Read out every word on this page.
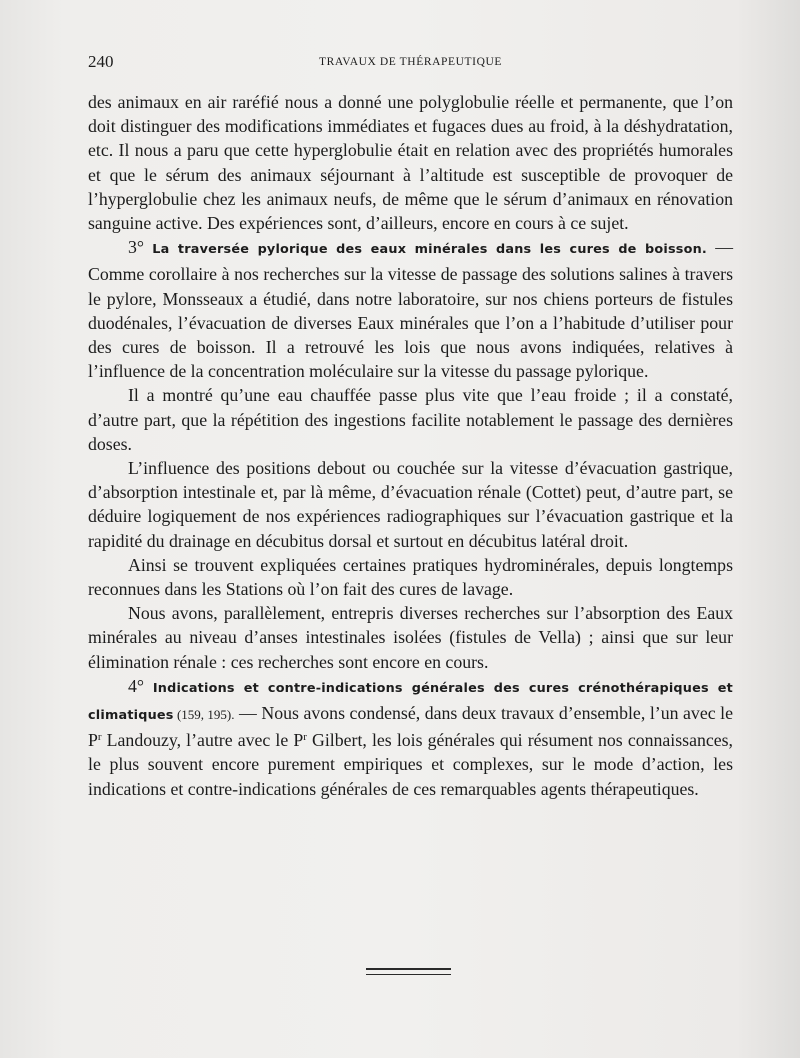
240	TRAVAUX DE THÉRAPEUTIQUE

des animaux en air raréfié nous a donné une polyglobulie réelle et permanente, que l’on doit distinguer des modifications immédiates et fugaces dues au froid, à la déshydratation, etc. Il nous a paru que cette hyperglobulie était en relation avec des propriétés humorales et que le sérum des animaux séjournant à l’altitude est susceptible de provoquer de l’hyperglobulie chez les animaux neufs, de même que le sérum d’animaux en rénovation sanguine active. Des expériences sont, d’ailleurs, encore en cours à ce sujet.

3° La traversée pylorique des eaux minérales dans les cures de boisson. — Comme corollaire à nos recherches sur la vitesse de passage des solutions salines à travers le pylore, Monsseaux a étudié, dans notre laboratoire, sur nos chiens porteurs de fistules duodénales, l’évacuation de diverses Eaux minérales que l’on a l’habitude d’utiliser pour des cures de boisson. Il a retrouvé les lois que nous avons indiquées, relatives à l’influence de la concentration moléculaire sur la vitesse du passage pylorique.

Il a montré qu’une eau chauffée passe plus vite que l’eau froide ; il a constaté, d’autre part, que la répétition des ingestions facilite notablement le passage des dernières doses.

L’influence des positions debout ou couchée sur la vitesse d’évacuation gastrique, d’absorption intestinale et, par là même, d’évacuation rénale (Cottet) peut, d’autre part, se déduire logiquement de nos expériences radiographiques sur l’évacuation gastrique et la rapidité du drainage en décubitus dorsal et surtout en décubitus latéral droit.

Ainsi se trouvent expliquées certaines pratiques hydrominérales, depuis longtemps reconnues dans les Stations où l’on fait des cures de lavage.

Nous avons, parallèlement, entrepris diverses recherches sur l’absorption des Eaux minérales au niveau d’anses intestinales isolées (fistules de Vella) ; ainsi que sur leur élimination rénale : ces recherches sont encore en cours.

4° Indications et contre-indications générales des cures crénothérapiques et climatiques (159, 195). — Nous avons condensé, dans deux travaux d’ensemble, l’un avec le $P^r$ Landouzy, l’autre avec le $P^r$ Gilbert, les lois générales qui résument nos connaissances, le plus souvent encore purement empiriques et complexes, sur le mode d’action, les indications et contre-indications générales de ces remarquables agents thérapeutiques.
